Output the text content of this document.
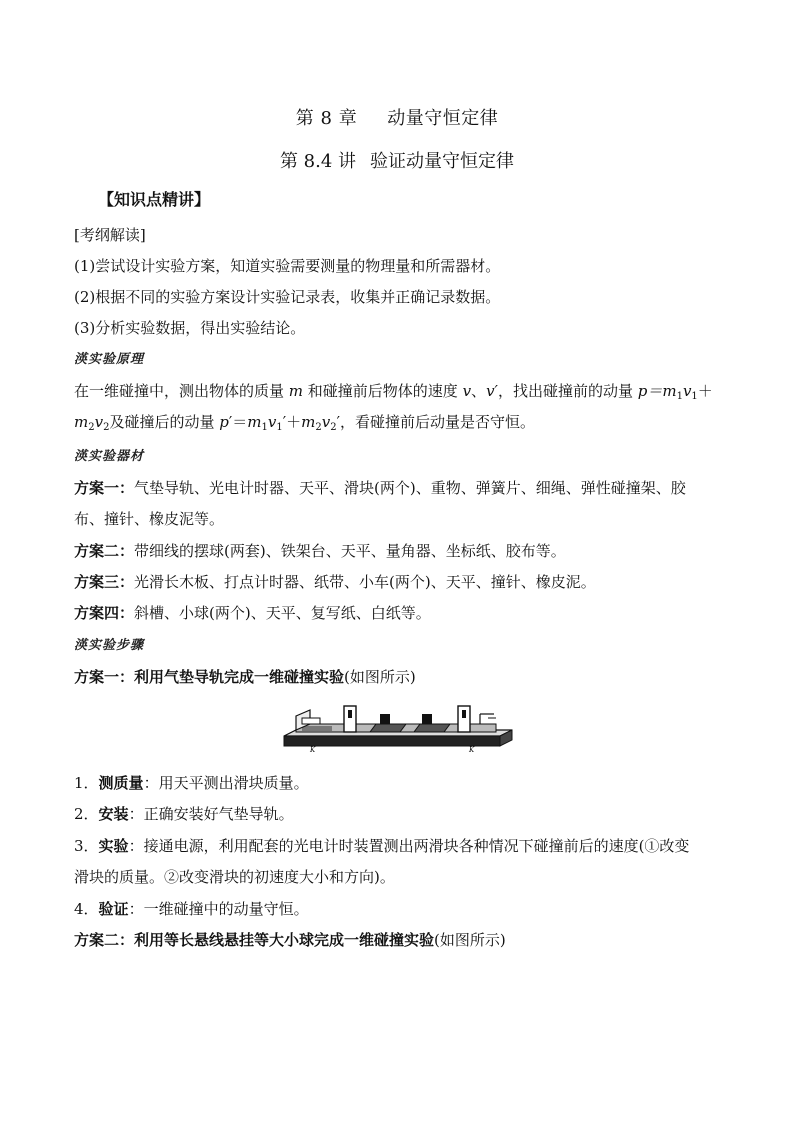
第 8 章 动量守恒定律
第 8.4 讲 验证动量守恒定律
【知识点精讲】
[考纲解读]
(1)尝试设计实验方案，知道实验需要测量的物理量和所需器材。
(2)根据不同的实验方案设计实验记录表，收集并正确记录数据。
(3)分析实验数据，得出实验结论。
渶实验原理
在一维碰撞中，测出物体的质量 m 和碰撞前后物体的速度 v、v′，找出碰撞前的动量 $p=m_1v_1+$
$m_2v_2$及碰撞后的动量 $p'=m_1v_1'+m_2v_2'$，看碰撞前后动量是否守恒。
渶实验器材
方案一：气垫导轨、光电计时器、天平、滑块(两个)、重物、弹簧片、细绳、弹性碰撞架、胶
布、撞针、橡皮泥等。
方案二：带细线的摆球(两套)、铁架台、天平、量角器、坐标纸、胶布等。
方案三：光滑长木板、打点计时器、纸带、小车(两个)、天平、撞针、橡皮泥。
方案四：斜槽、小球(两个)、天平、复写纸、白纸等。
渶实验步骤
方案一：利用气垫导轨完成一维碰撞实验(如图所示)
K	K
1．测质量：用天平测出滑块质量。
2．安装：正确安装好气垫导轨。
3．实验：接通电源，利用配套的光电计时装置测出两滑块各种情况下碰撞前后的速度(①改变
滑块的质量。②改变滑块的初速度大小和方向)。
4．验证：一维碰撞中的动量守恒。
方案二：利用等长悬线悬挂等大小球完成一维碰撞实验(如图所示)
